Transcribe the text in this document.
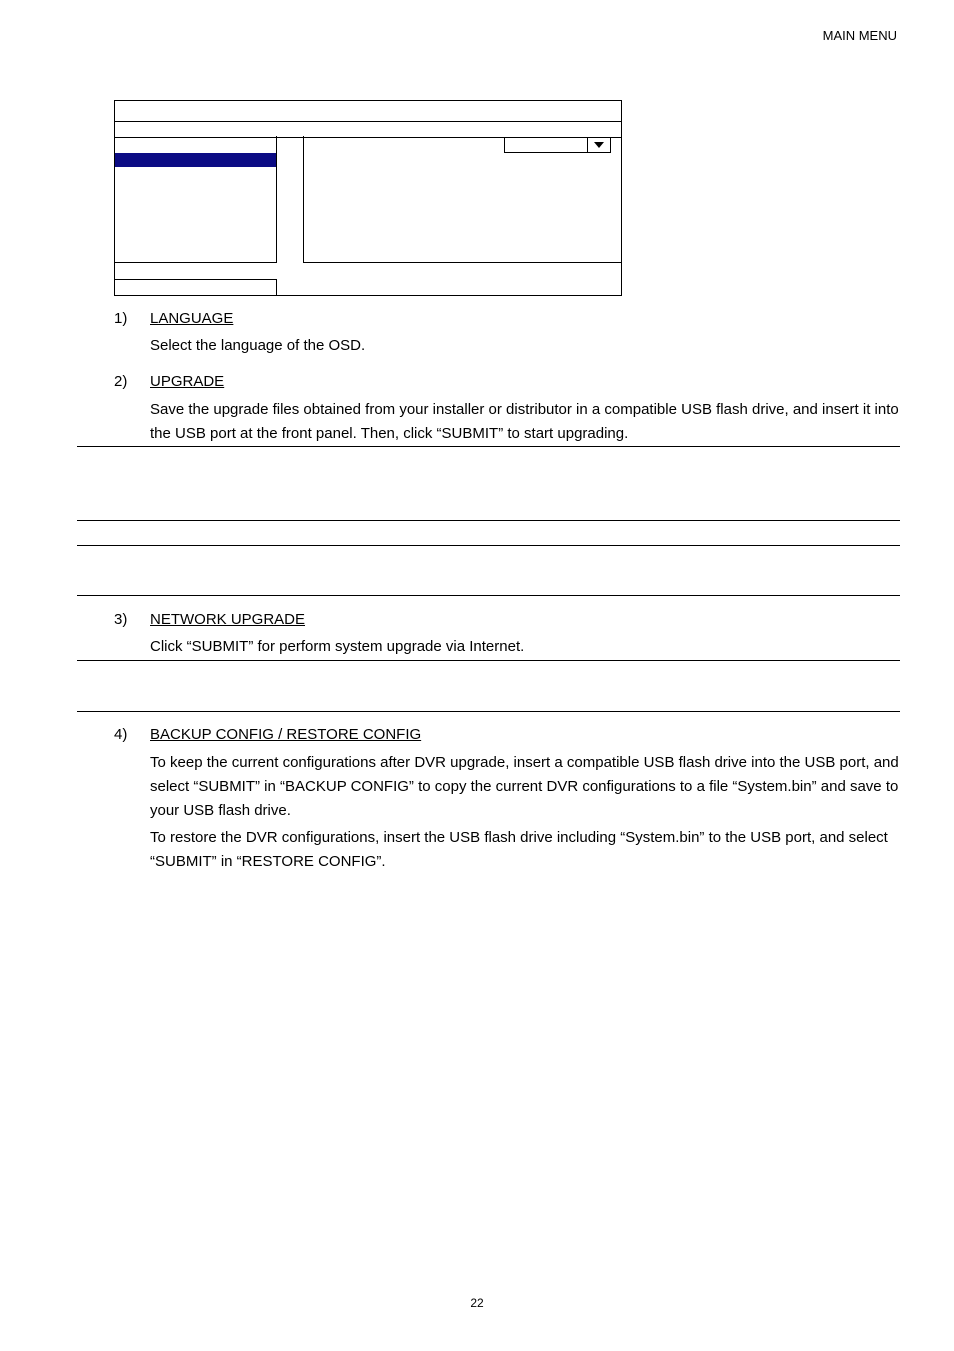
MAIN MENU
1) LANGUAGE
Select the language of the OSD.
2) UPGRADE
Save the upgrade files obtained from your installer or distributor in a compatible USB flash drive, and insert it into the USB port at the front panel. Then, click “SUBMIT” to start upgrading.
3) NETWORK UPGRADE
Click “SUBMIT” for perform system upgrade via Internet.
4) BACKUP CONFIG / RESTORE CONFIG
To keep the current configurations after DVR upgrade, insert a compatible USB flash drive into the USB port, and select “SUBMIT” in “BACKUP CONFIG” to copy the current DVR configurations to a file “System.bin” and save to your USB flash drive.
To restore the DVR configurations, insert the USB flash drive including “System.bin” to the USB port, and select “SUBMIT” in “RESTORE CONFIG”.
22
